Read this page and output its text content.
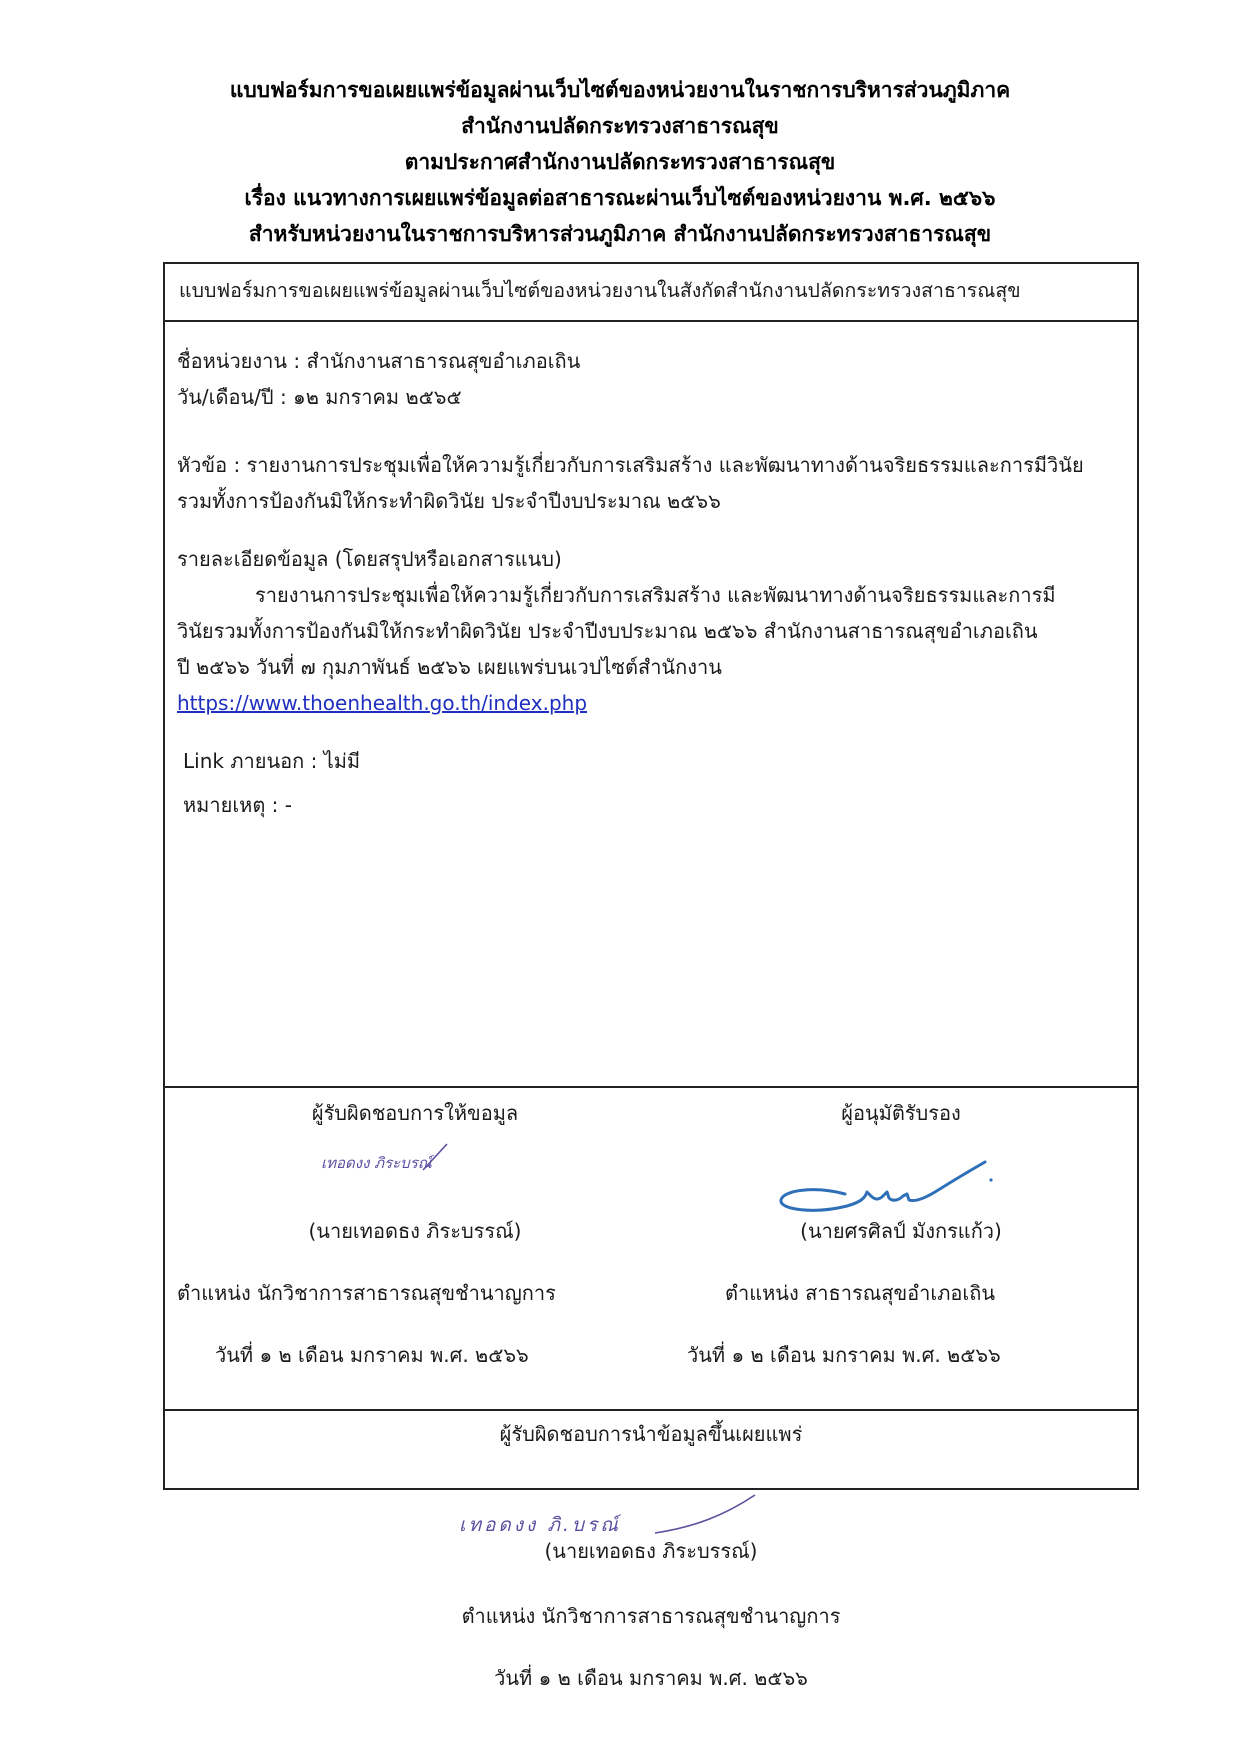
แบบฟอร์มการขอเผยแพร่ข้อมูลผ่านเว็บไซต์ของหน่วยงานในราชการบริหารส่วนภูมิภาค
สำนักงานปลัดกระทรวงสาธารณสุข
ตามประกาศสำนักงานปลัดกระทรวงสาธารณสุข
เรื่อง แนวทางการเผยแพร่ข้อมูลต่อสาธารณะผ่านเว็บไซต์ของหน่วยงาน พ.ศ. ๒๕๖๖
สำหรับหน่วยงานในราชการบริหารส่วนภูมิภาค สำนักงานปลัดกระทรวงสาธารณสุข
แบบฟอร์มการขอเผยแพร่ข้อมูลผ่านเว็บไซต์ของหน่วยงานในสังกัดสำนักงานปลัดกระทรวงสาธารณสุข
ชื่อหน่วยงาน : สำนักงานสาธารณสุขอำเภอเถิน
วัน/เดือน/ปี : ๑๒ มกราคม ๒๕๖๕
หัวข้อ : รายงานการประชุมเพื่อให้ความรู้เกี่ยวกับการเสริมสร้าง และพัฒนาทางด้านจริยธรรมและการมีวินัย
รวมทั้งการป้องกันมิให้กระทำผิดวินัย ประจำปีงบประมาณ ๒๕๖๖
รายละเอียดข้อมูล (โดยสรุปหรือเอกสารแนบ)
รายงานการประชุมเพื่อให้ความรู้เกี่ยวกับการเสริมสร้าง และพัฒนาทางด้านจริยธรรมและการมี
วินัยรวมทั้งการป้องกันมิให้กระทำผิดวินัย ประจำปีงบประมาณ ๒๕๖๖ สำนักงานสาธารณสุขอำเภอเถิน
ปี ๒๕๖๖ วันที่ ๗ กุมภาพันธ์ ๒๕๖๖ เผยแพร่บนเวปไซต์สำนักงาน
https://www.thoenhealth.go.th/index.php
Link ภายนอก : ไม่มี
หมายเหตุ : -
ผู้รับผิดชอบการให้ขอมูล
เทอดงง ภิระบรณ์
(นายเทอดธง ภิระบรรณ์)
ตำแหน่ง นักวิชาการสาธารณสุขชำนาญการ
วันที่ ๑ ๒ เดือน มกราคม พ.ศ. ๒๕๖๖
ผู้อนุมัติรับรอง
(นายศรศิลป์ มังกรแก้ว)
ตำแหน่ง สาธารณสุขอำเภอเถิน
วันที่ ๑ ๒ เดือน มกราคม พ.ศ. ๒๕๖๖
ผู้รับผิดชอบการนำข้อมูลขึ้นเผยแพร่
เทอดงง ภิ.บรณ์
(นายเทอดธง ภิระบรรณ์)
ตำแหน่ง นักวิชาการสาธารณสุขชำนาญการ
วันที่ ๑ ๒ เดือน มกราคม พ.ศ. ๒๕๖๖
